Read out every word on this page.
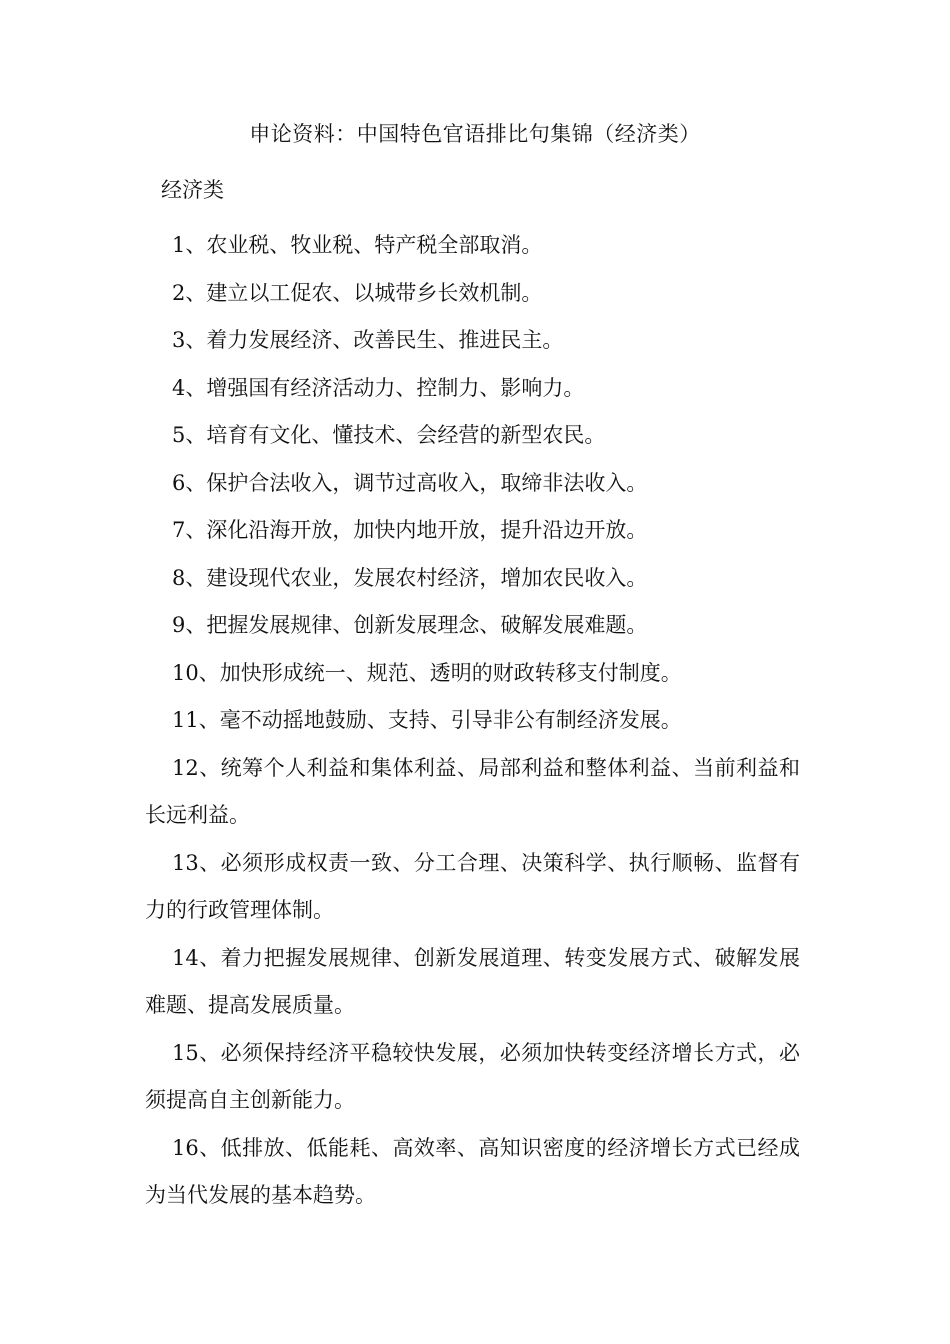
申论资料：中国特色官语排比句集锦（经济类）
经济类
1、农业税、牧业税、特产税全部取消。
2、建立以工促农、以城带乡长效机制。
3、着力发展经济、改善民生、推进民主。
4、增强国有经济活动力、控制力、影响力。
5、培育有文化、懂技术、会经营的新型农民。
6、保护合法收入，调节过高收入，取缔非法收入。
7、深化沿海开放，加快内地开放，提升沿边开放。
8、建设现代农业，发展农村经济，增加农民收入。
9、把握发展规律、创新发展理念、破解发展难题。
10、加快形成统一、规范、透明的财政转移支付制度。
11、毫不动摇地鼓励、支持、引导非公有制经济发展。
12、统筹个人利益和集体利益、局部利益和整体利益、当前利益和长远利益。
13、必须形成权责一致、分工合理、决策科学、执行顺畅、监督有力的行政管理体制。
14、着力把握发展规律、创新发展道理、转变发展方式、破解发展难题、提高发展质量。
15、必须保持经济平稳较快发展，必须加快转变经济增长方式，必须提高自主创新能力。
16、低排放、低能耗、高效率、高知识密度的经济增长方式已经成为当代发展的基本趋势。
